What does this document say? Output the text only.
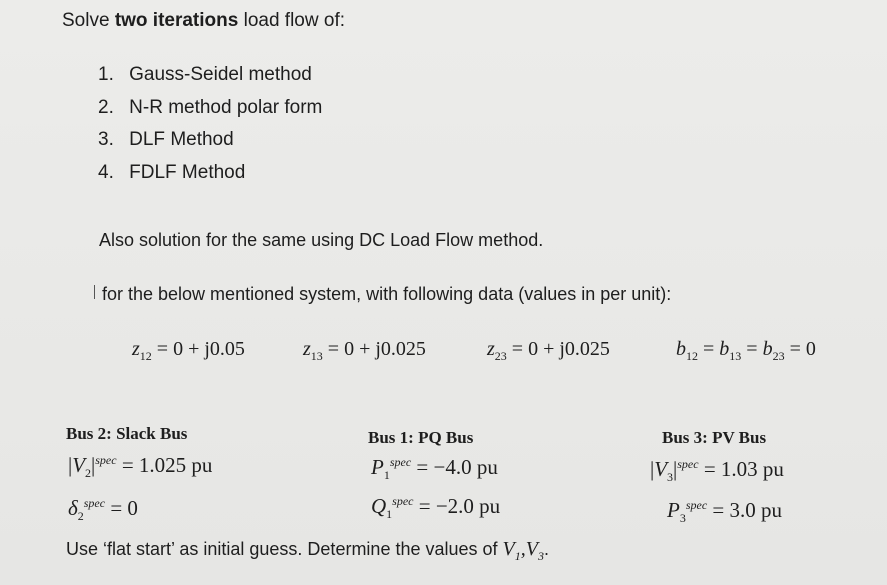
Solve two iterations load flow of:
1. Gauss-Seidel method
2. N-R method polar form
3. DLF Method
4. FDLF Method
Also solution for the same using DC Load Flow method.
for the below mentioned system, with following data (values in per unit):
$z_{12} = 0 + j0.05$	$z_{13} = 0 + j0.025$	$z_{23} = 0 + j0.025$	$b_{12} = b_{13} = b_{23} = 0$
Bus 2: Slack Bus
$|V_2|^{spec} = 1.025$ pu
$\delta_2^{spec} = 0$
Bus 1: PQ Bus
$P_1^{spec} = -4.0$ pu
$Q_1^{spec} = -2.0$ pu
Bus 3: PV Bus
$|V_3|^{spec} = 1.03$ pu
$P_3^{spec} = 3.0$ pu
Use ‘flat start’ as initial guess. Determine the values of $V_1,V_3$.
